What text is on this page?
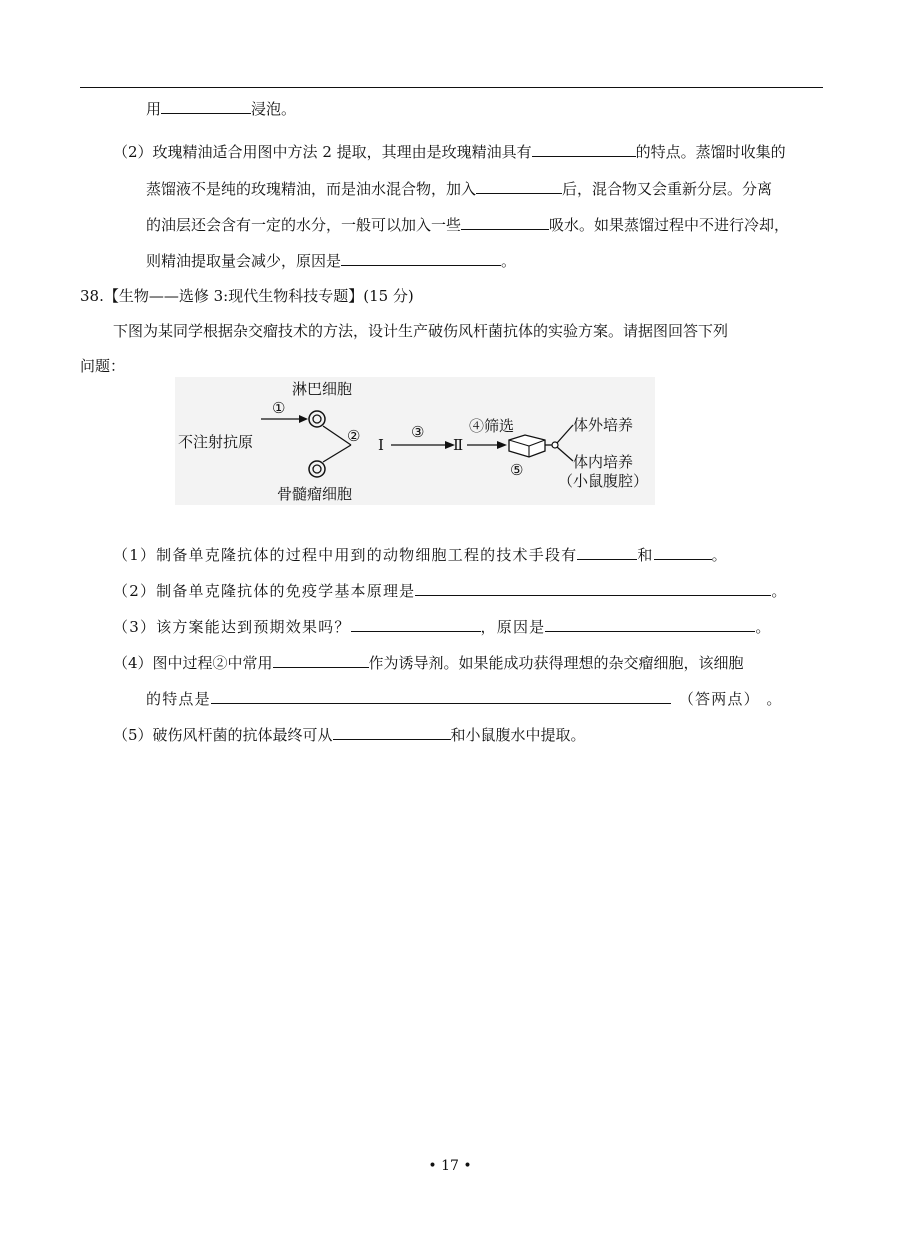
用	浸泡。
（2）玫瑰精油适合用图中方法 2 提取，其理由是玫瑰精油具有	的特点。蒸馏时收集的
蒸馏液不是纯的玫瑰精油，而是油水混合物，加入	后，混合物又会重新分层。分离
的油层还会含有一定的水分，一般可以加入一些	吸水。如果蒸馏过程中不进行冷却，
则精油提取量会减少，原因是	。
38.【生物——选修 3:现代生物科技专题】(15 分)
下图为某同学根据杂交瘤技术的方法，设计生产破伤风杆菌抗体的实验方案。请据图回答下列
问题：
①
淋巴细胞
不注射抗原	② Ⅰ
③
Ⅱ
④筛选
⑤
体外培养
体内培养
（小鼠腹腔）
骨髓瘤细胞
（1）制备单克隆抗体的过程中用到的动物细胞工程的技术手段有	和	。
（2）制备单克隆抗体的免疫学基本原理是	。
（3）该方案能达到预期效果吗？	，原因是	。
（4）图中过程②中常用	作为诱导剂。如果能成功获得理想的杂交瘤细胞，该细胞
的特点是	（答两点） 。
（5）破伤风杆菌的抗体最终可从	和小鼠腹水中提取。
• 17 •
